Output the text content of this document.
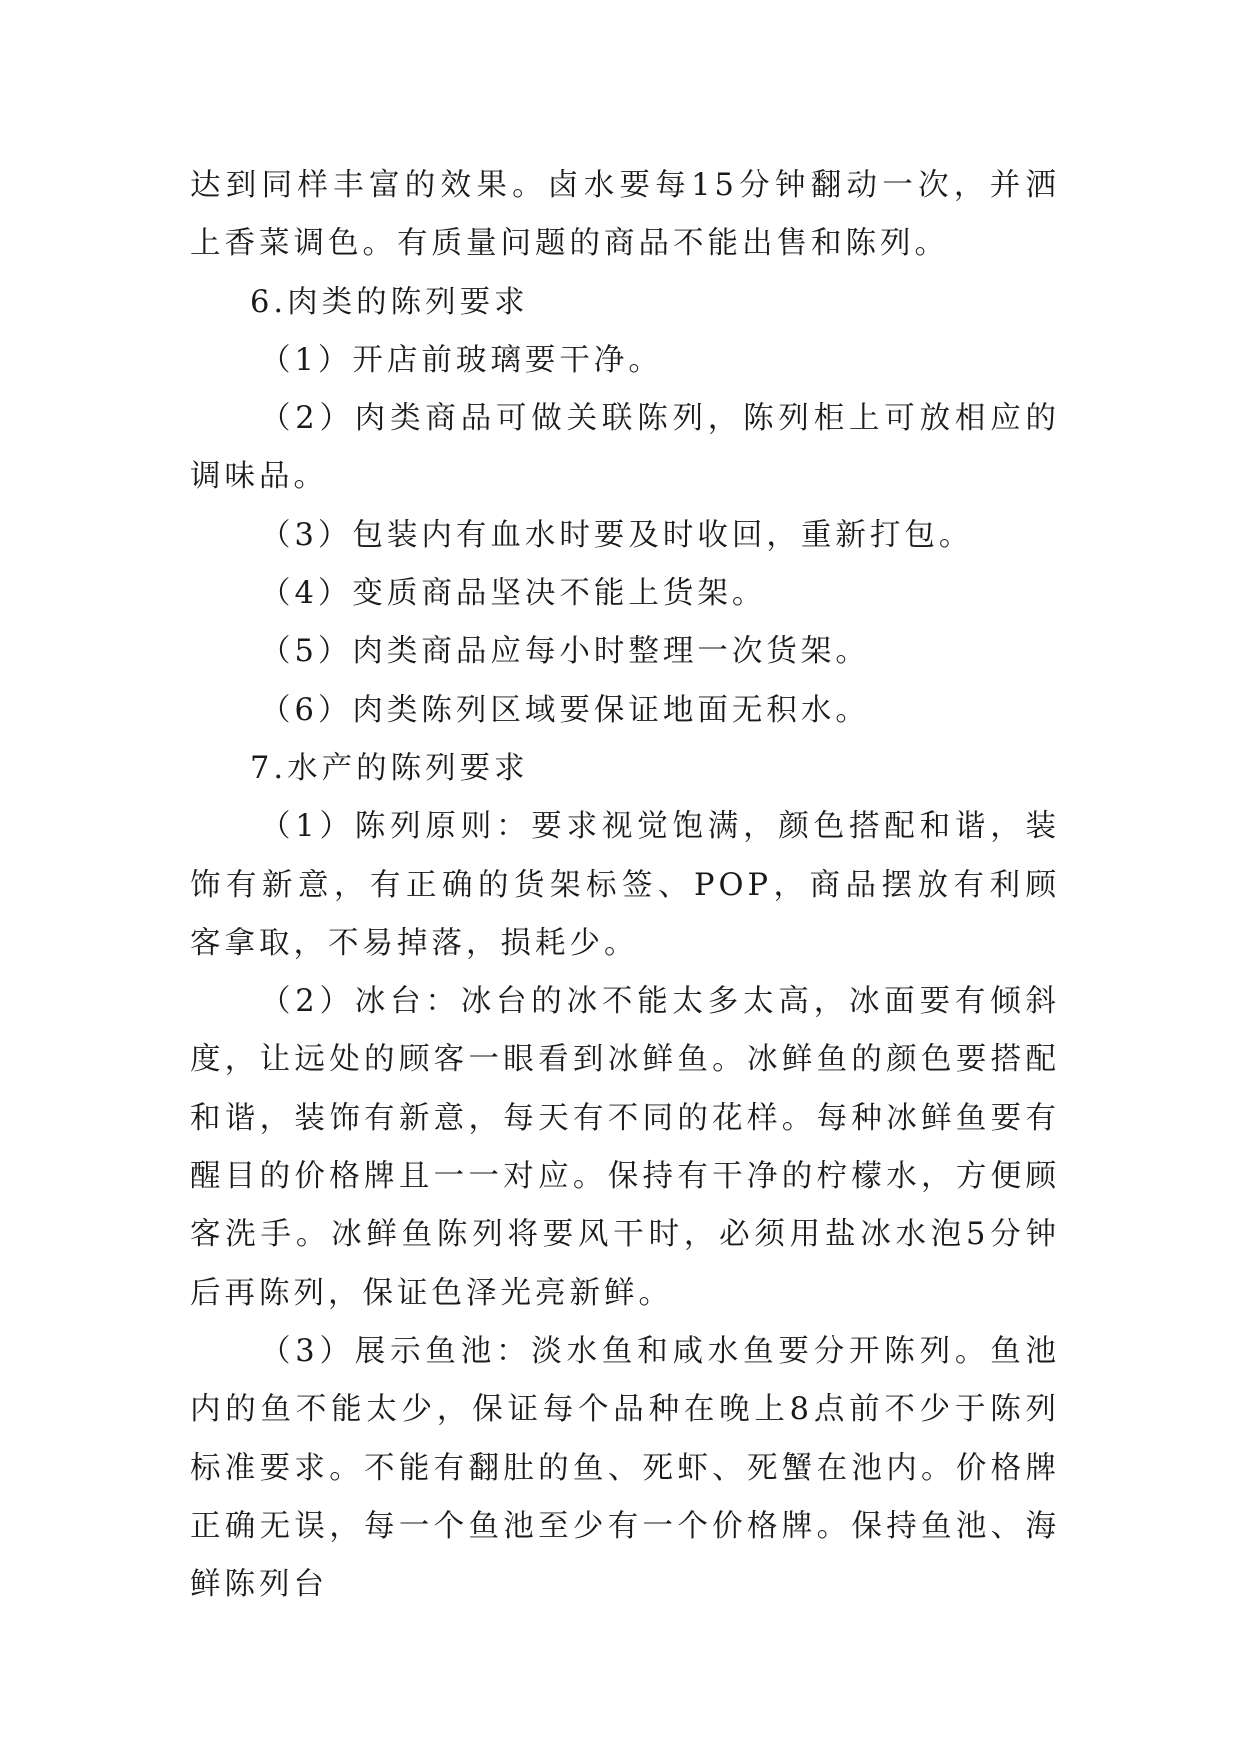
达到同样丰富的效果。卤水要每15分钟翻动一次，并洒上香菜调色。有质量问题的商品不能出售和陈列。

6.肉类的陈列要求

（1）开店前玻璃要干净。

（2）肉类商品可做关联陈列，陈列柜上可放相应的调味品。

（3）包装内有血水时要及时收回，重新打包。

（4）变质商品坚决不能上货架。

（5）肉类商品应每小时整理一次货架。

（6）肉类陈列区域要保证地面无积水。

7.水产的陈列要求

（1）陈列原则：要求视觉饱满，颜色搭配和谐，装饰有新意，有正确的货架标签、POP，商品摆放有利顾客拿取，不易掉落，损耗少。

（2）冰台：冰台的冰不能太多太高，冰面要有倾斜度，让远处的顾客一眼看到冰鲜鱼。冰鲜鱼的颜色要搭配和谐，装饰有新意，每天有不同的花样。每种冰鲜鱼要有醒目的价格牌且一一对应。保持有干净的柠檬水，方便顾客洗手。冰鲜鱼陈列将要风干时，必须用盐冰水泡5分钟后再陈列，保证色泽光亮新鲜。

（3）展示鱼池：淡水鱼和咸水鱼要分开陈列。鱼池内的鱼不能太少，保证每个品种在晚上8点前不少于陈列标准要求。不能有翻肚的鱼、死虾、死蟹在池内。价格牌正确无误，每一个鱼池至少有一个价格牌。保持鱼池、海鲜陈列台
